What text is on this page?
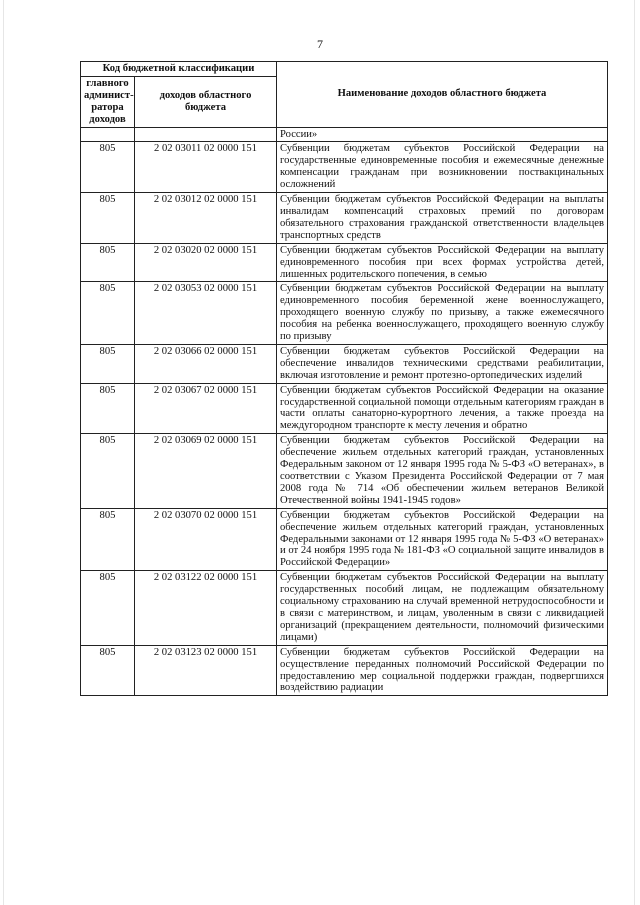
7
Код бюджетной классификации		Наименование доходов областного бюджета
главного админист-ратора доходов	доходов областного бюджета	
		России»
805	2 02 03011 02 0000 151	Субвенции бюджетам субъектов Российской Федерации на государственные единовременные пособия и ежемесячные денежные компенсации гражданам при возникновении поствакцинальных осложнений
805	2 02 03012 02 0000 151	Субвенции бюджетам субъектов Российской Федерации на выплаты инвалидам компенсаций страховых премий по договорам обязательного страхования гражданской ответственности владельцев транспортных средств
805	2 02 03020 02 0000 151	Субвенции бюджетам субъектов Российской Федерации на выплату единовременного пособия при всех формах устройства детей, лишенных родительского попечения, в семью
805	2 02 03053 02 0000 151	Субвенции бюджетам субъектов Российской Федерации на выплату единовременного пособия беременной жене военнослужащего, проходящего военную службу по призыву, а также ежемесячного пособия на ребенка военнослужащего, проходящего военную службу по призыву
805	2 02 03066 02 0000 151	Субвенции бюджетам субъектов Российской Федерации на обеспечение инвалидов техническими средствами реабилитации, включая изготовление и ремонт протезно-ортопедических изделий
805	2 02 03067 02 0000 151	Субвенции бюджетам субъектов Российской Федерации на оказание государственной социальной помощи отдельным категориям граждан в части оплаты санаторно-курортного лечения, а также проезда на междугородном транспорте к месту лечения и обратно
805	2 02 03069 02 0000 151	Субвенции бюджетам субъектов Российской Федерации на обеспечение жильем отдельных категорий граждан, установленных Федеральным законом от 12 января 1995 года № 5-ФЗ «О ветеранах», в соответствии с Указом Президента Российской Федерации от 7 мая 2008 года № 714 «Об обеспечении жильем ветеранов Великой Отечественной войны 1941-1945 годов»
805	2 02 03070 02 0000 151	Субвенции бюджетам субъектов Российской Федерации на обеспечение жильем отдельных категорий граждан, установленных Федеральными законами от 12 января 1995 года № 5-ФЗ «О ветеранах» и от 24 ноября 1995 года № 181-ФЗ «О социальной защите инвалидов в Российской Федерации»
805	2 02 03122 02 0000 151	Субвенции бюджетам субъектов Российской Федерации на выплату государственных пособий лицам, не подлежащим обязательному социальному страхованию на случай временной нетрудоспособности и в связи с материнством, и лицам, уволенным в связи с ликвидацией организаций (прекращением деятельности, полномочий физическими лицами)
805	2 02 03123 02 0000 151	Субвенции бюджетам субъектов Российской Федерации на осуществление переданных полномочий Российской Федерации по предоставлению мер социальной поддержки граждан, подвергшихся воздействию радиации
